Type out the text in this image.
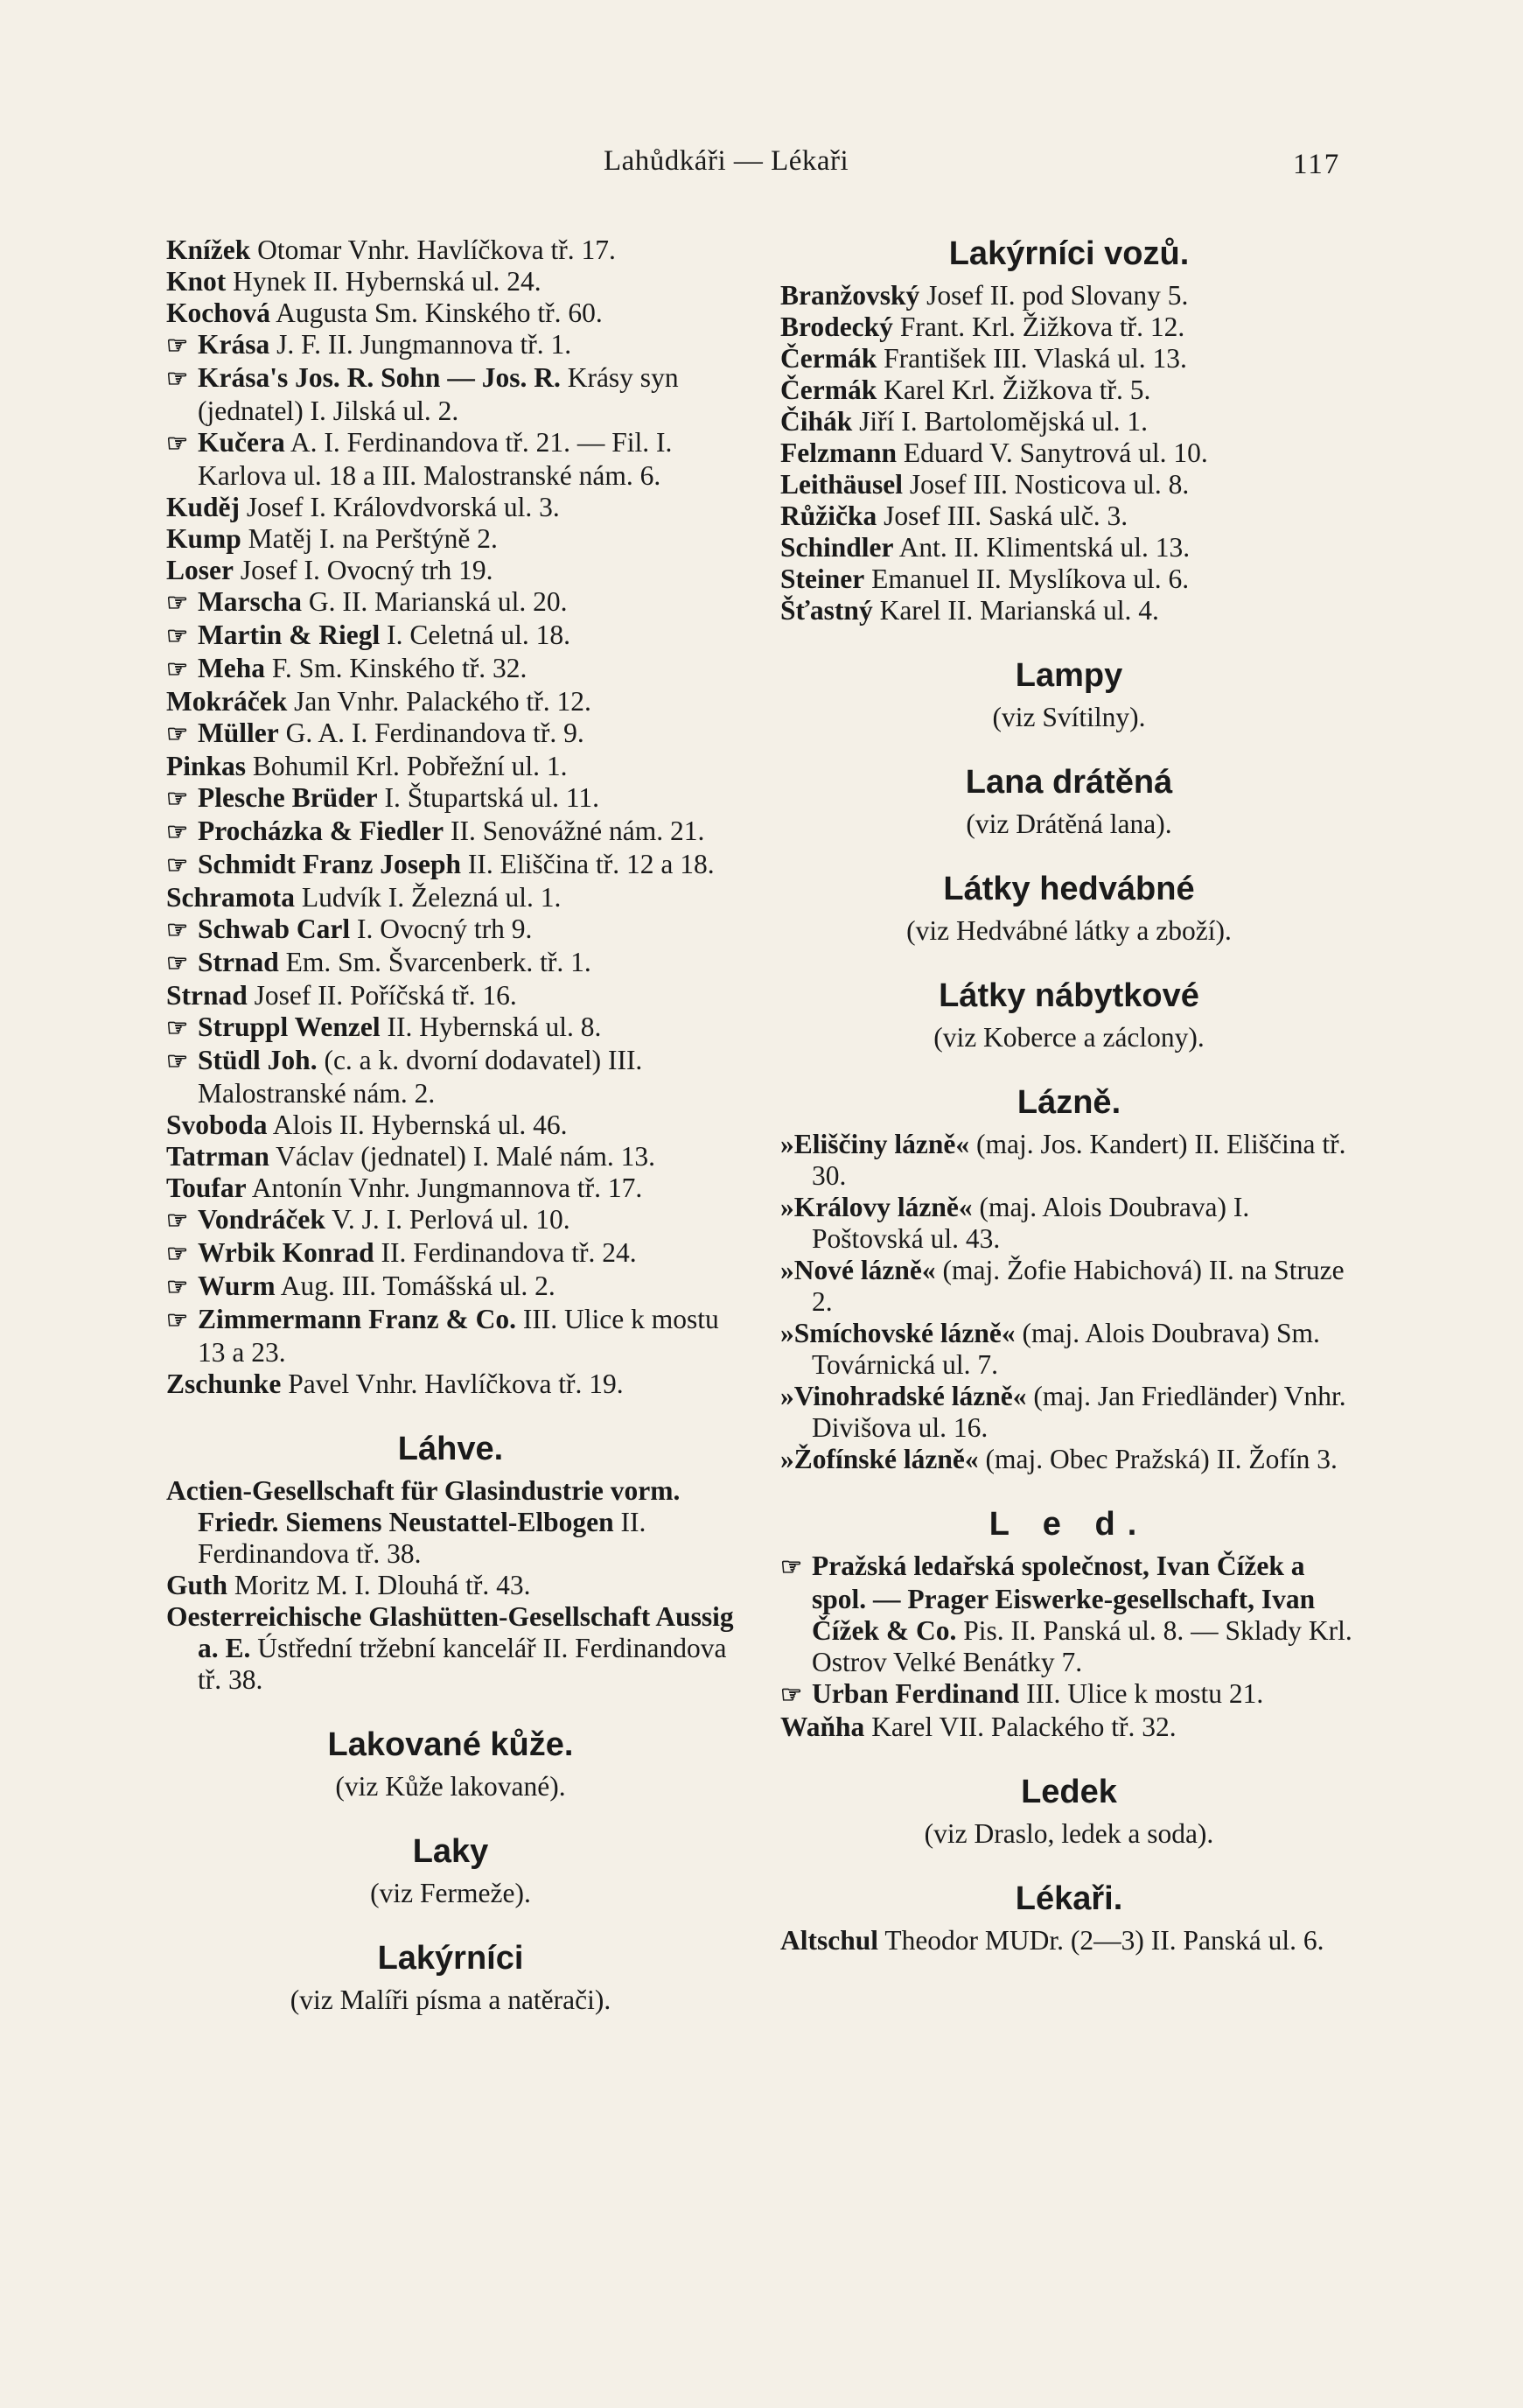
Lahůdkáři — Lékaři	117

Knížek Otomar Vnhr. Havlíčkova tř. 17.

Knot Hynek II. Hybernská ul. 24.

Kochová Augusta Sm. Kinského tř. 60.

☞ Krása J. F. II. Jungmannova tř. 1.

☞ Krása's Jos. R. Sohn — Jos. R. Krásy syn (jednatel) I. Jilská ul. 2.

☞ Kučera A. I. Ferdinandova tř. 21. — Fil. I. Karlova ul. 18 a III. Malostranské nám. 6.

Kuděj Josef I. Královdvorská ul. 3.

Kump Matěj I. na Perštýně 2.

Loser Josef I. Ovocný trh 19.

☞ Marscha G. II. Marianská ul. 20.

☞ Martin & Riegl I. Celetná ul. 18.

☞ Meha F. Sm. Kinského tř. 32.

Mokráček Jan Vnhr. Palackého tř. 12.

☞ Müller G. A. I. Ferdinandova tř. 9.

Pinkas Bohumil Krl. Pobřežní ul. 1.

☞ Plesche Brüder I. Štupartská ul. 11.

☞ Procházka & Fiedler II. Senovážné nám. 21.

☞ Schmidt Franz Joseph II. Eliščina tř. 12 a 18.

Schramota Ludvík I. Železná ul. 1.

☞ Schwab Carl I. Ovocný trh 9.

☞ Strnad Em. Sm. Švarcenberk. tř. 1.

Strnad Josef II. Poříčská tř. 16.

☞ Struppl Wenzel II. Hybernská ul. 8.

☞ Stüdl Joh. (c. a k. dvorní dodavatel) III. Malostranské nám. 2.

Svoboda Alois II. Hybernská ul. 46.

Tatrman Václav (jednatel) I. Malé nám. 13.

Toufar Antonín Vnhr. Jungmannova tř. 17.

☞ Vondráček V. J. I. Perlová ul. 10.

☞ Wrbik Konrad II. Ferdinandova tř. 24.

☞ Wurm Aug. III. Tomášská ul. 2.

☞ Zimmermann Franz & Co. III. Ulice k mostu 13 a 23.

Zschunke Pavel Vnhr. Havlíčkova tř. 19.

Láhve.

Actien-Gesellschaft für Glasindustrie vorm. Friedr. Siemens Neustattel-Elbogen II. Ferdinandova tř. 38.

Guth Moritz M. I. Dlouhá tř. 43.

Oesterreichische Glashütten-Gesellschaft Aussig a. E. Ústřední tržební kancelář II. Ferdinandova tř. 38.

Lakované kůže.
(viz Kůže lakované).
Laky
(viz Fermeže).
Lakýrníci
(viz Malíři písma a natěrači).
Lakýrníci vozů.

Branžovský Josef II. pod Slovany 5.

Brodecký Frant. Krl. Žižkova tř. 12.

Čermák František III. Vlaská ul. 13.

Čermák Karel Krl. Žižkova tř. 5.

Čihák Jiří I. Bartolomějská ul. 1.

Felzmann Eduard V. Sanytrová ul. 10.

Leithäusel Josef III. Nosticova ul. 8.

Růžička Josef III. Saská ulč. 3.

Schindler Ant. II. Klimentská ul. 13.

Steiner Emanuel II. Myslíkova ul. 6.

Šťastný Karel II. Marianská ul. 4.

Lampy
(viz Svítilny).
Lana drátěná
(viz Drátěná lana).
Látky hedvábné
(viz Hedvábné látky a zboží).
Látky nábytkové
(viz Koberce a záclony).
Lázně.

»Eliščiny lázně« (maj. Jos. Kandert) II. Eliščina tř. 30.

»Královy lázně« (maj. Alois Doubrava) I. Poštovská ul. 43.

»Nové lázně« (maj. Žofie Habichová) II. na Struze 2.

»Smíchovské lázně« (maj. Alois Doubrava) Sm. Továrnická ul. 7.

»Vinohradské lázně« (maj. Jan Friedländer) Vnhr. Divišova ul. 16.

»Žofínské lázně« (maj. Obec Pražská) II. Žofín 3.

L e d.

☞ Pražská ledařská společnost, Ivan Čížek a spol. — Prager Eiswerke-gesellschaft, Ivan Čížek & Co. Pis. II. Panská ul. 8. — Sklady Krl. Ostrov Velké Benátky 7.

☞ Urban Ferdinand III. Ulice k mostu 21.

Waňha Karel VII. Palackého tř. 32.

Ledek
(viz Draslo, ledek a soda).
Lékaři.

Altschul Theodor MUDr. (2—3) II. Panská ul. 6.
